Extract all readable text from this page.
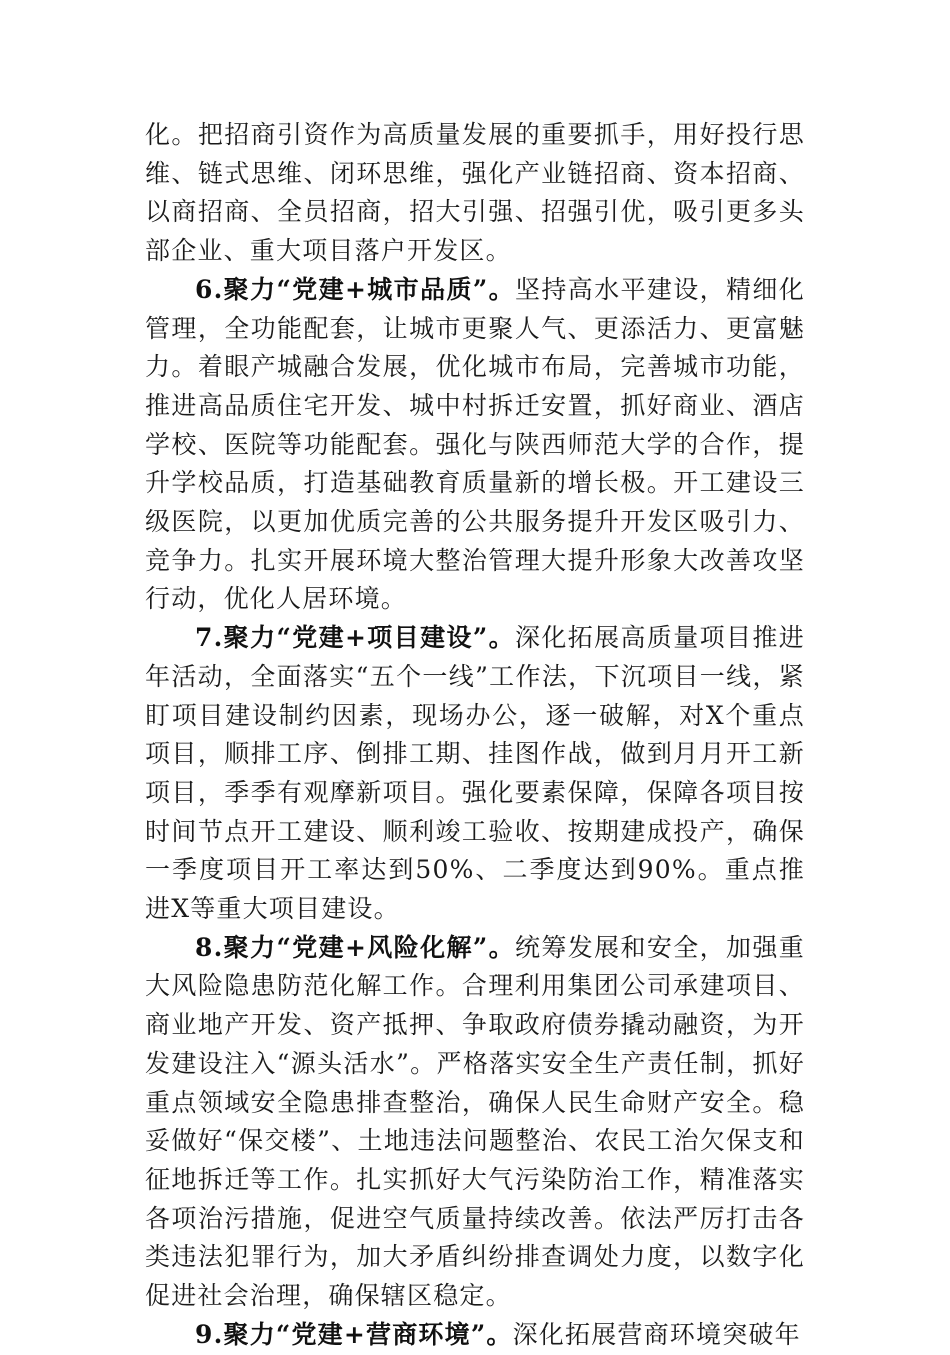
化。把招商引资作为高质量发展的重要抓手，用好投行思维、链式思维、闭环思维，强化产业链招商、资本招商、以商招商、全员招商，招大引强、招强引优，吸引更多头部企业、重大项目落户开发区。

6.聚力“党建+城市品质”。坚持高水平建设，精细化管理，全功能配套，让城市更聚人气、更添活力、更富魅力。着眼产城融合发展，优化城市布局，完善城市功能，推进高品质住宅开发、城中村拆迁安置，抓好商业、酒店学校、医院等功能配套。强化与陕西师范大学的合作，提升学校品质，打造基础教育质量新的增长极。开工建设三级医院，以更加优质完善的公共服务提升开发区吸引力、竞争力。扎实开展环境大整治管理大提升形象大改善攻坚行动，优化人居环境。

7.聚力“党建+项目建设”。深化拓展高质量项目推进年活动，全面落实“五个一线”工作法，下沉项目一线，紧盯项目建设制约因素，现场办公，逐一破解，对X个重点项目，顺排工序、倒排工期、挂图作战，做到月月开工新项目，季季有观摩新项目。强化要素保障，保障各项目按时间节点开工建设、顺利竣工验收、按期建成投产，确保一季度项目开工率达到50%、二季度达到90%。重点推进X等重大项目建设。

8.聚力“党建+风险化解”。统筹发展和安全，加强重大风险隐患防范化解工作。合理利用集团公司承建项目、商业地产开发、资产抵押、争取政府债券撬动融资，为开发建设注入“源头活水”。严格落实安全生产责任制，抓好重点领域安全隐患排查整治，确保人民生命财产安全。稳妥做好“保交楼”、土地违法问题整治、农民工治欠保支和征地拆迁等工作。扎实抓好大气污染防治工作，精准落实各项治污措施，促进空气质量持续改善。依法严厉打击各类违法犯罪行为，加大矛盾纠纷排查调处力度，以数字化促进社会治理，确保辖区稳定。

9.聚力“党建+营商环境”。深化拓展营商环境突破年
